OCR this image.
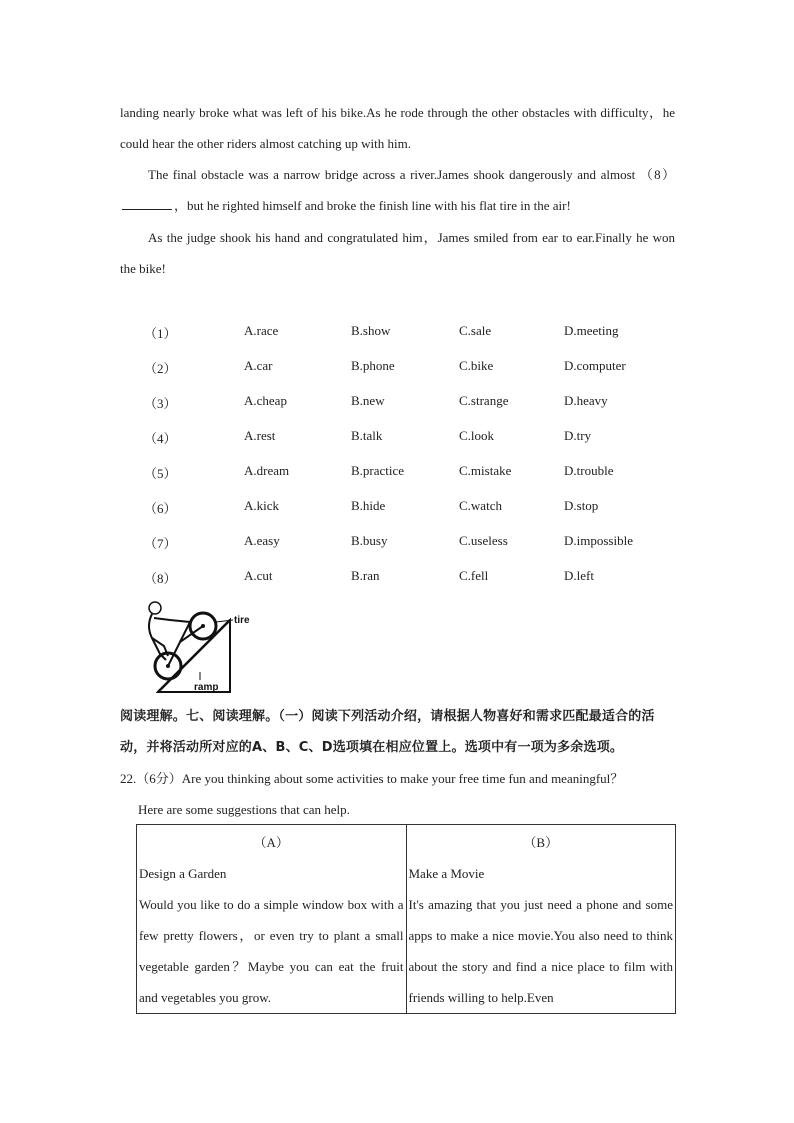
landing nearly broke what was left of his bike.As he rode through the other obstacles with difficulty，he could hear the other riders almost catching up with him.
The final obstacle was a narrow bridge across a river.James shook dangerously and almost （8），but he righted himself and broke the finish line with his flat tire in the air!
As the judge shook his hand and congratulated him，James smiled from ear to ear.Finally he won the bike!
（1）	A.race	B.show	C.sale	D.meeting
（2）	A.car	B.phone	C.bike	D.computer
（3）	A.cheap	B.new	C.strange	D.heavy
（4）	A.rest	B.talk	C.look	D.try
（5）	A.dream	B.practice	C.mistake	D.trouble
（6）	A.kick	B.hide	C.watch	D.stop
（7）	A.easy	B.busy	C.useless	D.impossible
（8）	A.cut	B.ran	C.fell	D.left
tire
ramp
阅读理解。七、阅读理解。（一）阅读下列活动介绍，请根据人物喜好和需求匹配最适合的活动，并将活动所对应的A、B、C、D选项填在相应位置上。选项中有一项为多余选项。
22.（6分）Are you thinking about some activities to make your free time fun and meaningful？
Here are some suggestions that can help.
（A）
Design a Garden
Would you like to do a simple window box with a few pretty flowers，or even try to plant a small vegetable garden？Maybe you can eat the fruit and vegetables you grow.

（B）
Make a Movie
It's amazing that you just need a phone and some apps to make a nice movie.You also need to think about the story and find a nice place to film with friends willing to help.Even
